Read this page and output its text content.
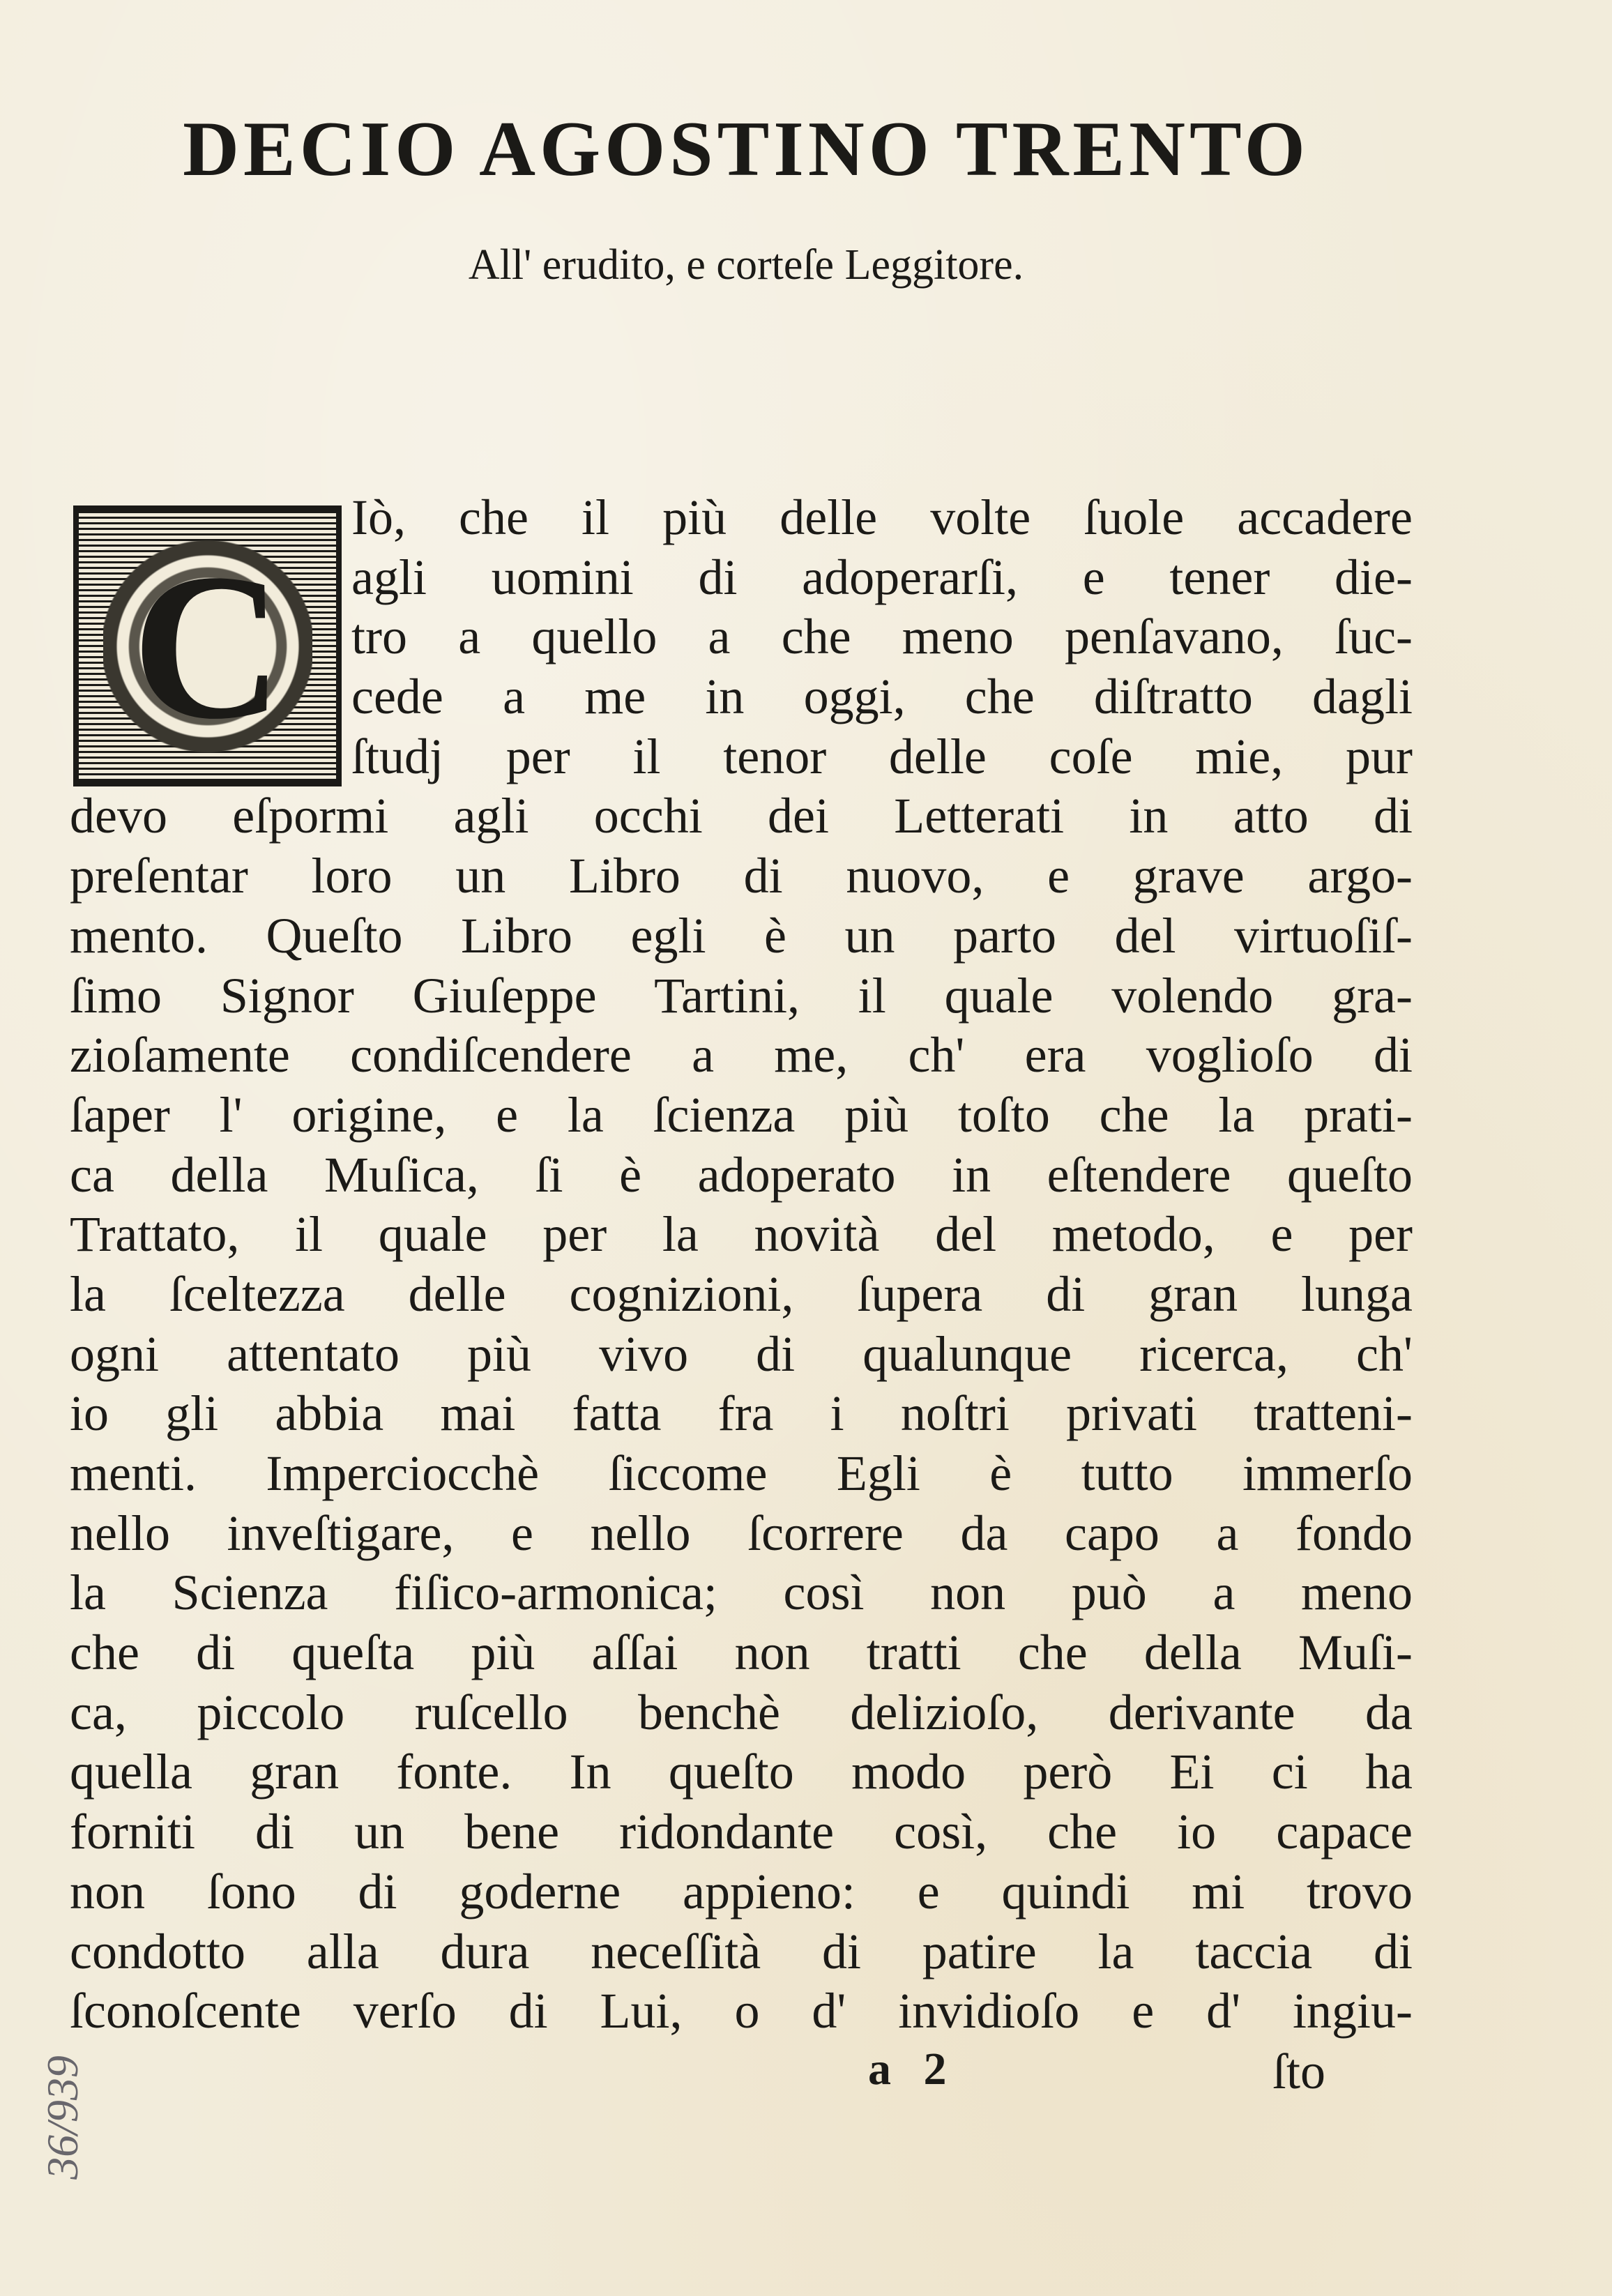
DECIO AGOSTINO TRENTO
All' erudito, e corteſe Leggitore.
C
Iò, che il più delle volte ſuole accadere
agli uomini di adoperarſi, e tener die-
tro a quello a che meno penſavano, ſuc-
cede a me in oggi, che diſtratto dagli
ſtudj per il tenor delle coſe mie, pur
devo eſpormi agli occhi dei Letterati in atto di
preſentar loro un Libro di nuovo, e grave argo-
mento. Queſto Libro egli è un parto del virtuoſiſ-
ſimo Signor Giuſeppe Tartini, il quale volendo gra-
zioſamente condiſcendere a me, ch' era voglioſo di
ſaper l' origine, e la ſcienza più toſto che la prati-
ca della Muſica, ſi è adoperato in eſtendere queſto
Trattato, il quale per la novità del metodo, e per
la ſceltezza delle cognizioni, ſupera di gran lunga
ogni attentato più vivo di qualunque ricerca, ch'
io gli abbia mai fatta fra i noſtri privati tratteni-
menti. Imperciocchè ſiccome Egli è tutto immerſo
nello inveſtigare, e nello ſcorrere da capo a fondo
la Scienza fiſico-armonica; così non può a meno
che di queſta più aſſai non tratti che della Muſi-
ca, piccolo ruſcello benchè delizioſo, derivante da
quella gran fonte. In queſto modo però Ei ci ha
forniti di un bene ridondante così, che io capace
non ſono di goderne appieno: e quindi mi trovo
condotto alla dura neceſſità di patire la taccia di
ſconoſcente verſo di Lui, o d' invidioſo e d' ingiu-
a 2	ſto
36/939
